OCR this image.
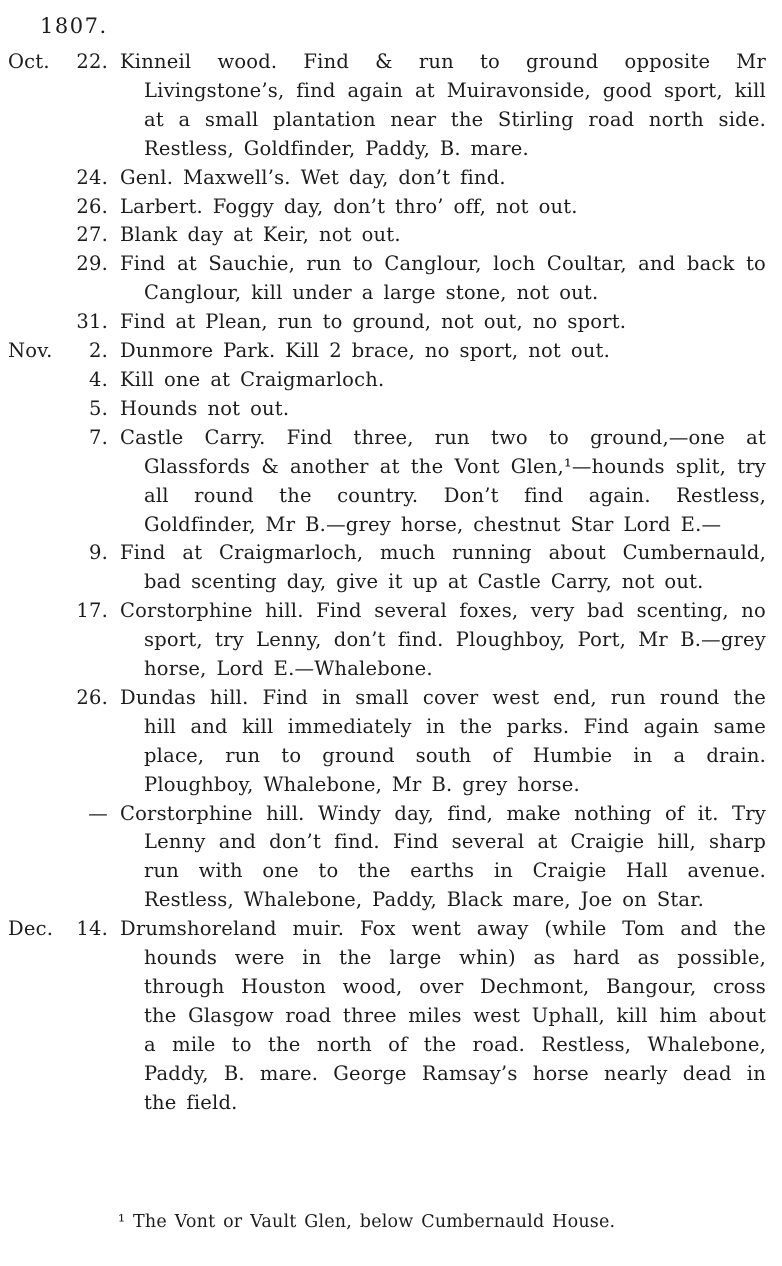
1807.
Oct. 22. Kinneil wood. Find & run to ground opposite Mr Livingstone’s, find again at Muiravonside, good sport, kill at a small plantation near the Stirling road north side. Restless, Goldfinder, Paddy, B. mare.
24. Genl. Maxwell’s. Wet day, don’t find.
26. Larbert. Foggy day, don’t thro’ off, not out.
27. Blank day at Keir, not out.
29. Find at Sauchie, run to Canglour, loch Coultar, and back to Canglour, kill under a large stone, not out.
31. Find at Plean, run to ground, not out, no sport.
Nov. 2. Dunmore Park. Kill 2 brace, no sport, not out.
4. Kill one at Craigmarloch.
5. Hounds not out.
7. Castle Carry. Find three, run two to ground,—one at Glassfords & another at the Vont Glen,¹—hounds split, try all round the country. Don’t find again. Restless, Goldfinder, Mr B.—grey horse, chestnut Star Lord E.—
9. Find at Craigmarloch, much running about Cumbernauld, bad scenting day, give it up at Castle Carry, not out.
17. Corstorphine hill. Find several foxes, very bad scenting, no sport, try Lenny, don’t find. Ploughboy, Port, Mr B.—grey horse, Lord E.—Whalebone.
26. Dundas hill. Find in small cover west end, run round the hill and kill immediately in the parks. Find again same place, run to ground south of Humbie in a drain. Ploughboy, Whalebone, Mr B. grey horse.
— Corstorphine hill. Windy day, find, make nothing of it. Try Lenny and don’t find. Find several at Craigie hill, sharp run with one to the earths in Craigie Hall avenue. Restless, Whalebone, Paddy, Black mare, Joe on Star.
Dec. 14. Drumshoreland muir. Fox went away (while Tom and the hounds were in the large whin) as hard as possible, through Houston wood, over Dechmont, Bangour, cross the Glasgow road three miles west Uphall, kill him about a mile to the north of the road. Restless, Whalebone, Paddy, B. mare. George Ramsay’s horse nearly dead in the field.
¹ The Vont or Vault Glen, below Cumbernauld House.
